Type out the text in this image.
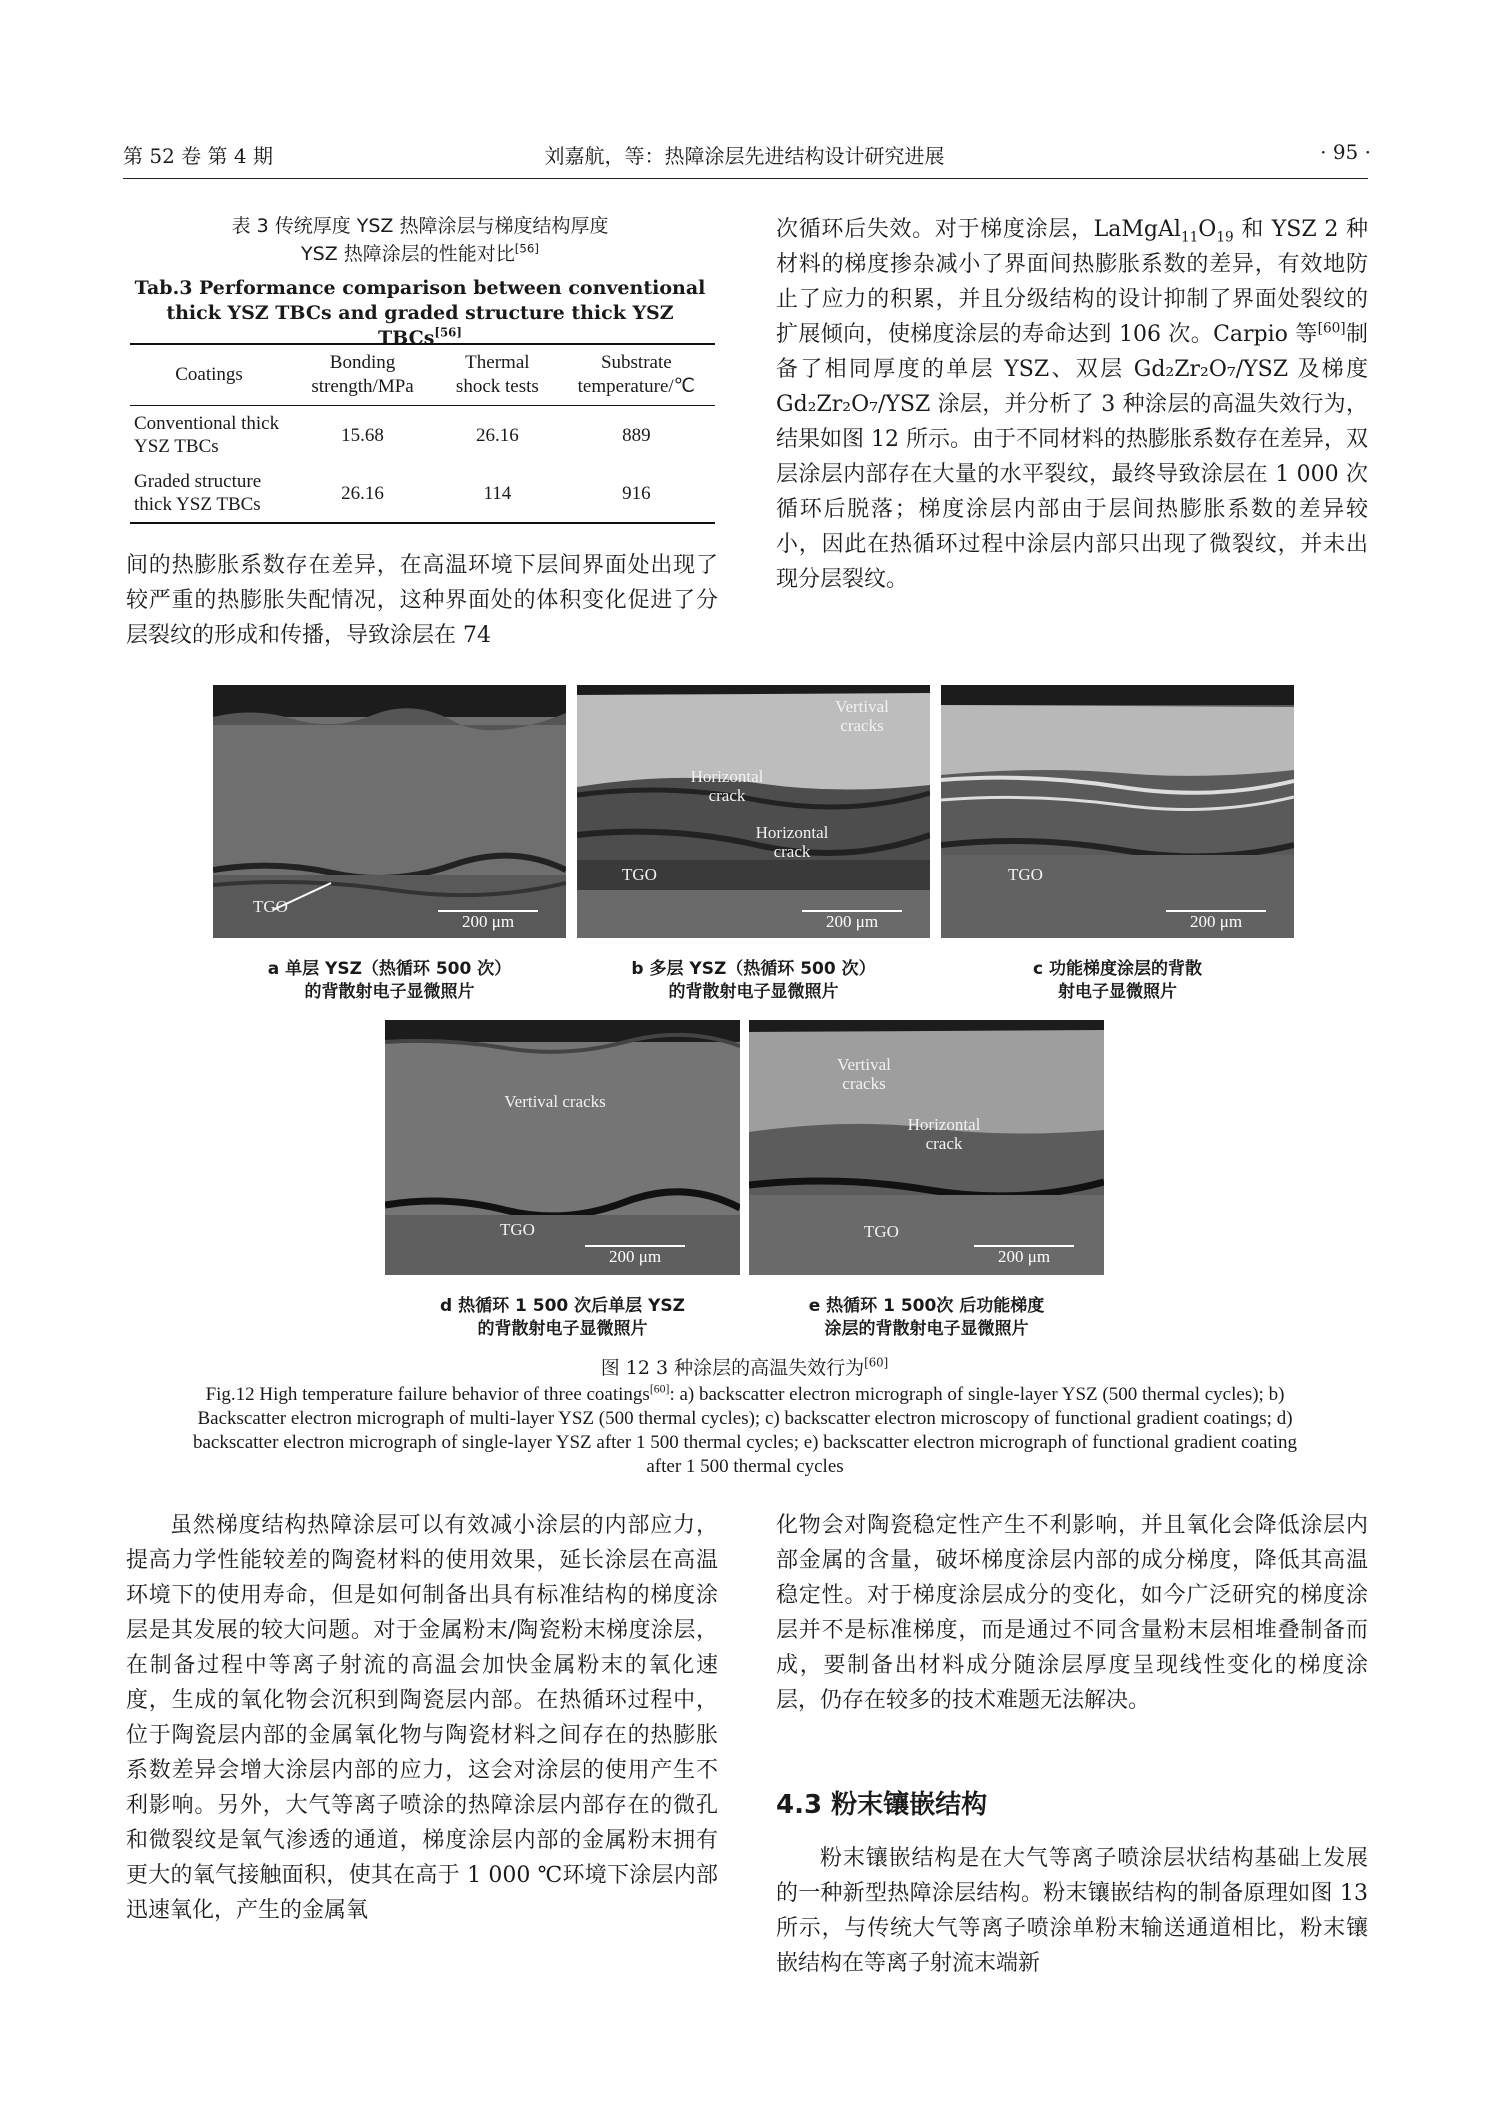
第 52 卷 第 4 期	刘嘉航，等：热障涂层先进结构设计研究进展	· 95 ·
表 3 传统厚度 YSZ 热障涂层与梯度结构厚度
YSZ 热障涂层的性能对比[56]
Tab.3 Performance comparison between conventional
thick YSZ TBCs and graded structure thick YSZ TBCs[56]
Coatings	Bonding strength/MPa	Thermal shock tests	Substrate temperature/℃
Conventional thick YSZ TBCs	15.68	26.16	889
Graded structure thick YSZ TBCs	26.16	114	916

间的热膨胀系数存在差异，在高温环境下层间界面处出现了较严重的热膨胀失配情况，这种界面处的体积变化促进了分层裂纹的形成和传播，导致涂层在 74

次循环后失效。对于梯度涂层，$LaMgAl_{11}O_{19}$ 和 YSZ 2 种材料的梯度掺杂减小了界面间热膨胀系数的差异，有效地防止了应力的积累，并且分级结构的设计抑制了界面处裂纹的扩展倾向，使梯度涂层的寿命达到 106 次。Carpio 等[60]制备了相同厚度的单层 YSZ、双层 Gd₂Zr₂O₇/YSZ 及梯度 Gd₂Zr₂O₇/YSZ 涂层，并分析了 3 种涂层的高温失效行为，结果如图 12 所示。由于不同材料的热膨胀系数存在差异，双层涂层内部存在大量的水平裂纹，最终导致涂层在 1 000 次循环后脱落；梯度涂层内部由于层间热膨胀系数的差异较小，因此在热循环过程中涂层内部只出现了微裂纹，并未出现分层裂纹。

TGO
200 μm
Vertival cracks
Horizontal crack
Horizontal crack
TGO
200 μm
TGO
200 μm
a 单层 YSZ（热循环 500 次）
的背散射电子显微照片
b 多层 YSZ（热循环 500 次）
的背散射电子显微照片
c 功能梯度涂层的背散
射电子显微照片
Vertival cracks
TGO
200 μm
Vertival cracks
Horizontal crack
TGO
200 μm
d 热循环 1 500 次后单层 YSZ
的背散射电子显微照片
e 热循环 1 500次 后功能梯度
涂层的背散射电子显微照片
图 12 3 种涂层的高温失效行为[60]
Fig.12 High temperature failure behavior of three coatings[60]: a) backscatter electron micrograph of single-layer YSZ (500 thermal cycles); b) Backscatter electron micrograph of multi-layer YSZ (500 thermal cycles); c) backscatter electron microscopy of functional gradient coatings; d) backscatter electron micrograph of single-layer YSZ after 1 500 thermal cycles; e) backscatter electron micrograph of functional gradient coating after 1 500 thermal cycles

虽然梯度结构热障涂层可以有效减小涂层的内部应力，提高力学性能较差的陶瓷材料的使用效果，延长涂层在高温环境下的使用寿命，但是如何制备出具有标准结构的梯度涂层是其发展的较大问题。对于金属粉末/陶瓷粉末梯度涂层，在制备过程中等离子射流的高温会加快金属粉末的氧化速度，生成的氧化物会沉积到陶瓷层内部。在热循环过程中，位于陶瓷层内部的金属氧化物与陶瓷材料之间存在的热膨胀系数差异会增大涂层内部的应力，这会对涂层的使用产生不利影响。另外，大气等离子喷涂的热障涂层内部存在的微孔和微裂纹是氧气渗透的通道，梯度涂层内部的金属粉末拥有更大的氧气接触面积，使其在高于 1 000 ℃环境下涂层内部迅速氧化，产生的金属氧

化物会对陶瓷稳定性产生不利影响，并且氧化会降低涂层内部金属的含量，破坏梯度涂层内部的成分梯度，降低其高温稳定性。对于梯度涂层成分的变化，如今广泛研究的梯度涂层并不是标准梯度，而是通过不同含量粉末层相堆叠制备而成，要制备出材料成分随涂层厚度呈现线性变化的梯度涂层，仍存在较多的技术难题无法解决。

4.3 粉末镶嵌结构

粉末镶嵌结构是在大气等离子喷涂层状结构基础上发展的一种新型热障涂层结构。粉末镶嵌结构的制备原理如图 13 所示，与传统大气等离子喷涂单粉末输送通道相比，粉末镶嵌结构在等离子射流末端新
